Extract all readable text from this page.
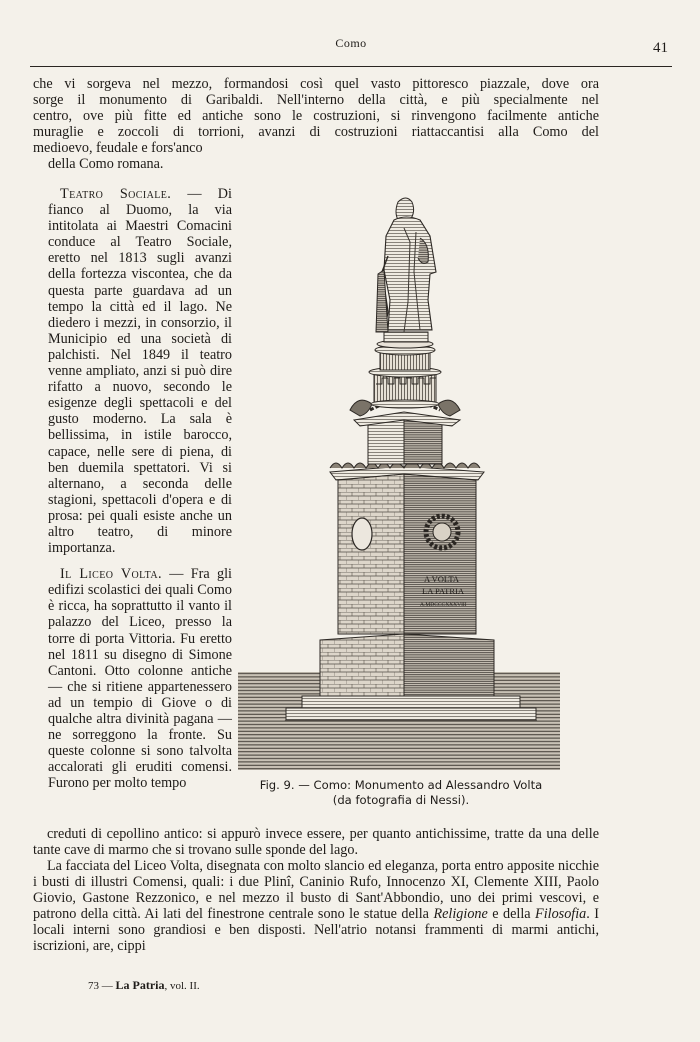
Como	41
che vi sorgeva nel mezzo, formandosi così quel vasto pittoresco piazzale, dove ora
sorge il monumento di Garibaldi. Nell'interno della città, e più specialmente nel
centro, ove più fitte ed antiche sono le costruzioni, si rinvengono facilmente antiche
muraglie e zoccoli di torrioni, avanzi di costruzioni riattaccantisi alla Como del
medioevo, feudale e fors'anco
della Como romana.

Teatro Sociale. — Di fianco al Duomo, la via intitolata ai Maestri Comacini conduce al Teatro Sociale, eretto nel 1813 sugli avanzi della fortezza viscontea, che da questa parte guardava ad un tempo la città ed il lago. Ne diedero i mezzi, in consorzio, il Municipio ed una società di palchisti. Nel 1849 il teatro venne ampliato, anzi si può dire rifatto a nuovo, secondo le esigenze degli spettacoli e del gusto moderno. La sala è bellissima, in istile barocco, capace, nelle sere di piena, di ben duemila spettatori. Vi si alternano, a seconda delle stagioni, spettacoli d'opera e di prosa: pei quali esiste anche un altro teatro, di minore importanza.

Il Liceo Volta. — Fra gli edifizi scolastici dei quali Como è ricca, ha soprattutto il vanto il palazzo del Liceo, presso la torre di porta Vittoria. Fu eretto nel 1811 su disegno di Simone Cantoni. Otto colonne antiche — che si ritiene appartenessero ad un tempio di Giove o di qualche altra divinità pagana — ne sorreggono la fronte. Su queste colonne si sono talvolta accalorati gli eruditi comensi. Furono per molto tempo

A VOLTA
LA PATRIA
A.MDCCCXXXVIII
Fig. 9. — Como: Monumento ad Alessandro Volta
(da fotografia di Nessi).
creduti di cepollino antico: si appurò invece essere, per quanto antichissime, tratte da una delle tante cave di marmo che si trovano sulle sponde del lago.
La facciata del Liceo Volta, disegnata con molto slancio ed eleganza, porta entro apposite nicchie i busti di illustri Comensi, quali: i due Plinî, Caninio Rufo, Innocenzo XI, Clemente XIII, Paolo Giovio, Gastone Rezzonico, e nel mezzo il busto di Sant'Abbondio, uno dei primi vescovi, e patrono della città. Ai lati del finestrone centrale sono le statue della Religione e della Filosofia. I locali interni sono grandiosi e ben disposti. Nell'atrio notansi frammenti di marmi antichi, iscrizioni, are, cippi
73 — La Patria, vol. II.
